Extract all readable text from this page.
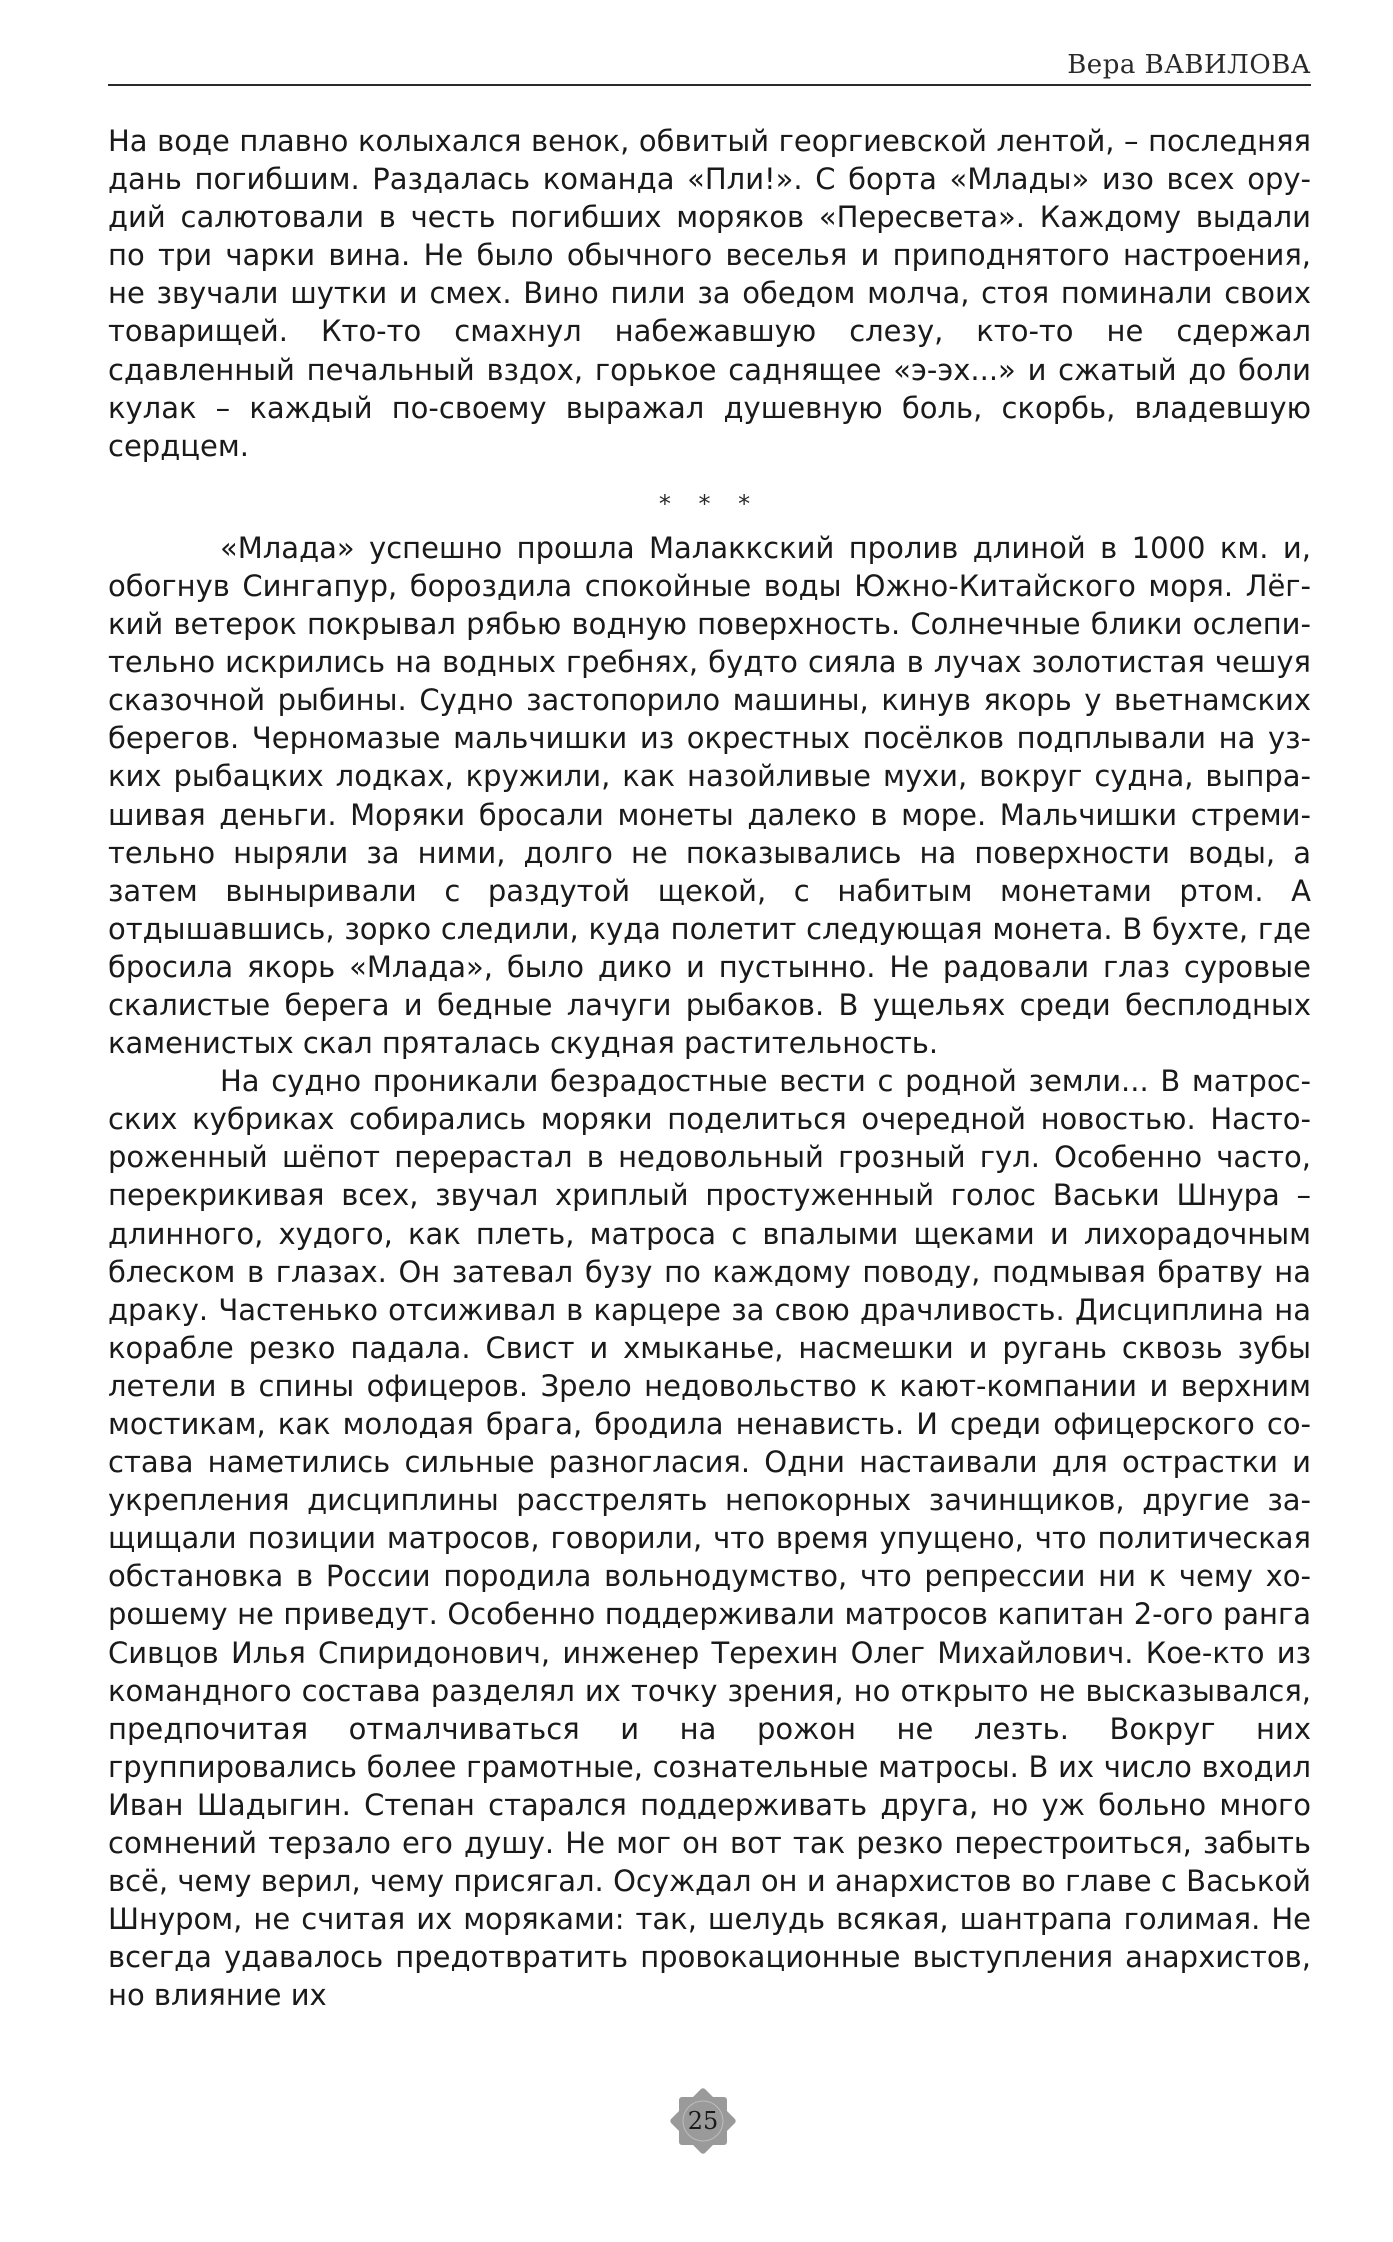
Вера ВАВИЛОВА

На воде плавно колыхался венок, обвитый георгиевской лентой, – последняя дань погибшим. Раздалась команда «Пли!». С борта «Млады» изо всех орудий салютовали в честь погибших моряков «Пересвета». Каждому выдали по три чарки вина. Не было обычного веселья и приподнятого настроения, не звучали шутки и смех. Вино пили за обедом молча, стоя поминали своих товарищей. Кто-то смахнул набежавшую слезу, кто-то не сдержал сдавленный печальный вздох, горькое саднящее «э-эх...» и сжатый до боли кулак – каждый по-своему выражал душевную боль, скорбь, владевшую сердцем.

* * *

«Млада» успешно прошла Малаккский пролив длиной в 1000 км. и, обогнув Сингапур, бороздила спокойные воды Южно-Китайского моря. Лёгкий ветерок покрывал рябью водную поверхность. Солнечные блики ослепительно искрились на водных гребнях, будто сияла в лучах золотистая чешуя сказочной рыбины. Судно застопорило машины, кинув якорь у вьетнамских берегов. Черномазые мальчишки из окрестных посёлков подплывали на узких рыбацких лодках, кружили, как назойливые мухи, вокруг судна, выпрашивая деньги. Моряки бросали монеты далеко в море. Мальчишки стремительно ныряли за ними, долго не показывались на поверхности воды, а затем выныривали с раздутой щекой, с набитым монетами ртом. А отдышавшись, зорко следили, куда полетит следующая монета. В бухте, где бросила якорь «Млада», было дико и пустынно. Не радовали глаз суровые скалистые берега и бедные лачуги рыбаков. В ущельях среди бесплодных каменистых скал пряталась скудная растительность.

На судно проникали безрадостные вести с родной земли... В матросских кубриках собирались моряки поделиться очередной новостью. Настороженный шёпот перерастал в недовольный грозный гул. Особенно часто, перекрикивая всех, звучал хриплый простуженный голос Васьки Шнура – длинного, худого, как плеть, матроса с впалыми щеками и лихорадочным блеском в глазах. Он затевал бузу по каждому поводу, подмывая братву на драку. Частенько отсиживал в карцере за свою драчливость. Дисциплина на корабле резко падала. Свист и хмыканье, насмешки и ругань сквозь зубы летели в спины офицеров. Зрело недовольство к кают-компании и верхним мостикам, как молодая брага, бродила ненависть. И среди офицерского состава наметились сильные разногласия. Одни настаивали для острастки и укрепления дисциплины расстрелять непокорных зачинщиков, другие защищали позиции матросов, говорили, что время упущено, что политическая обстановка в России породила вольнодумство, что репрессии ни к чему хорошему не приведут. Особенно поддерживали матросов капитан 2-ого ранга Сивцов Илья Спиридонович, инженер Терехин Олег Михайлович. Кое-кто из командного состава разделял их точку зрения, но открыто не высказывался, предпочитая отмалчиваться и на рожон не лезть. Вокруг них группировались более грамотные, сознательные матросы. В их число входил Иван Шадыгин. Степан старался поддерживать друга, но уж больно много сомнений терзало его душу. Не мог он вот так резко перестроиться, забыть всё, чему верил, чему присягал. Осуждал он и анархистов во главе с Васькой Шнуром, не считая их моряками: так, шелудь всякая, шантрапа голимая. Не всегда удавалось предотвратить провокационные выступления анархистов, но влияние их

25
